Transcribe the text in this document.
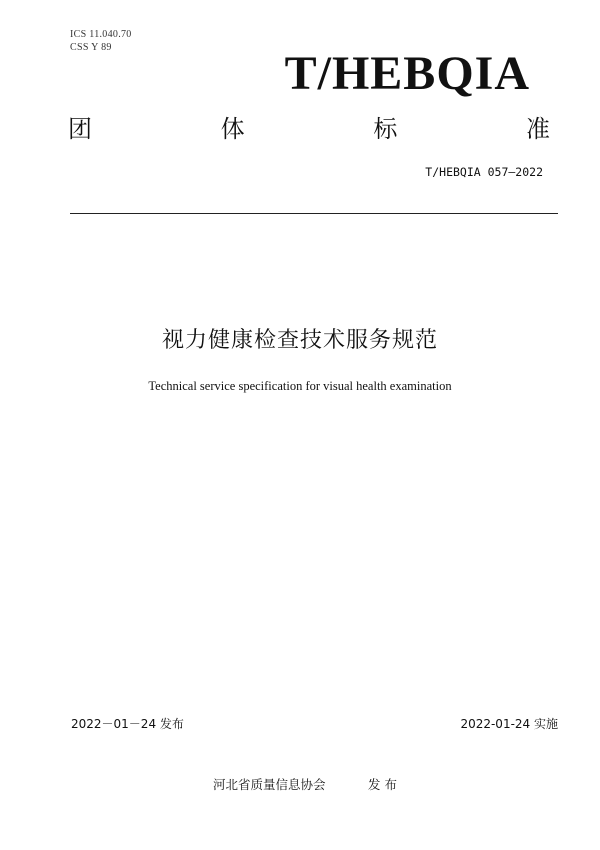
ICS 11.040.70
CSS Y 89	T/HEBQIA
团	体	标	准
T/HEBQIA 057—2022
视力健康检查技术服务规范
Technical service specification for visual health examination
2022－01－24 发布	2022-01-24 实施
河北省质量信息协会	发 布
